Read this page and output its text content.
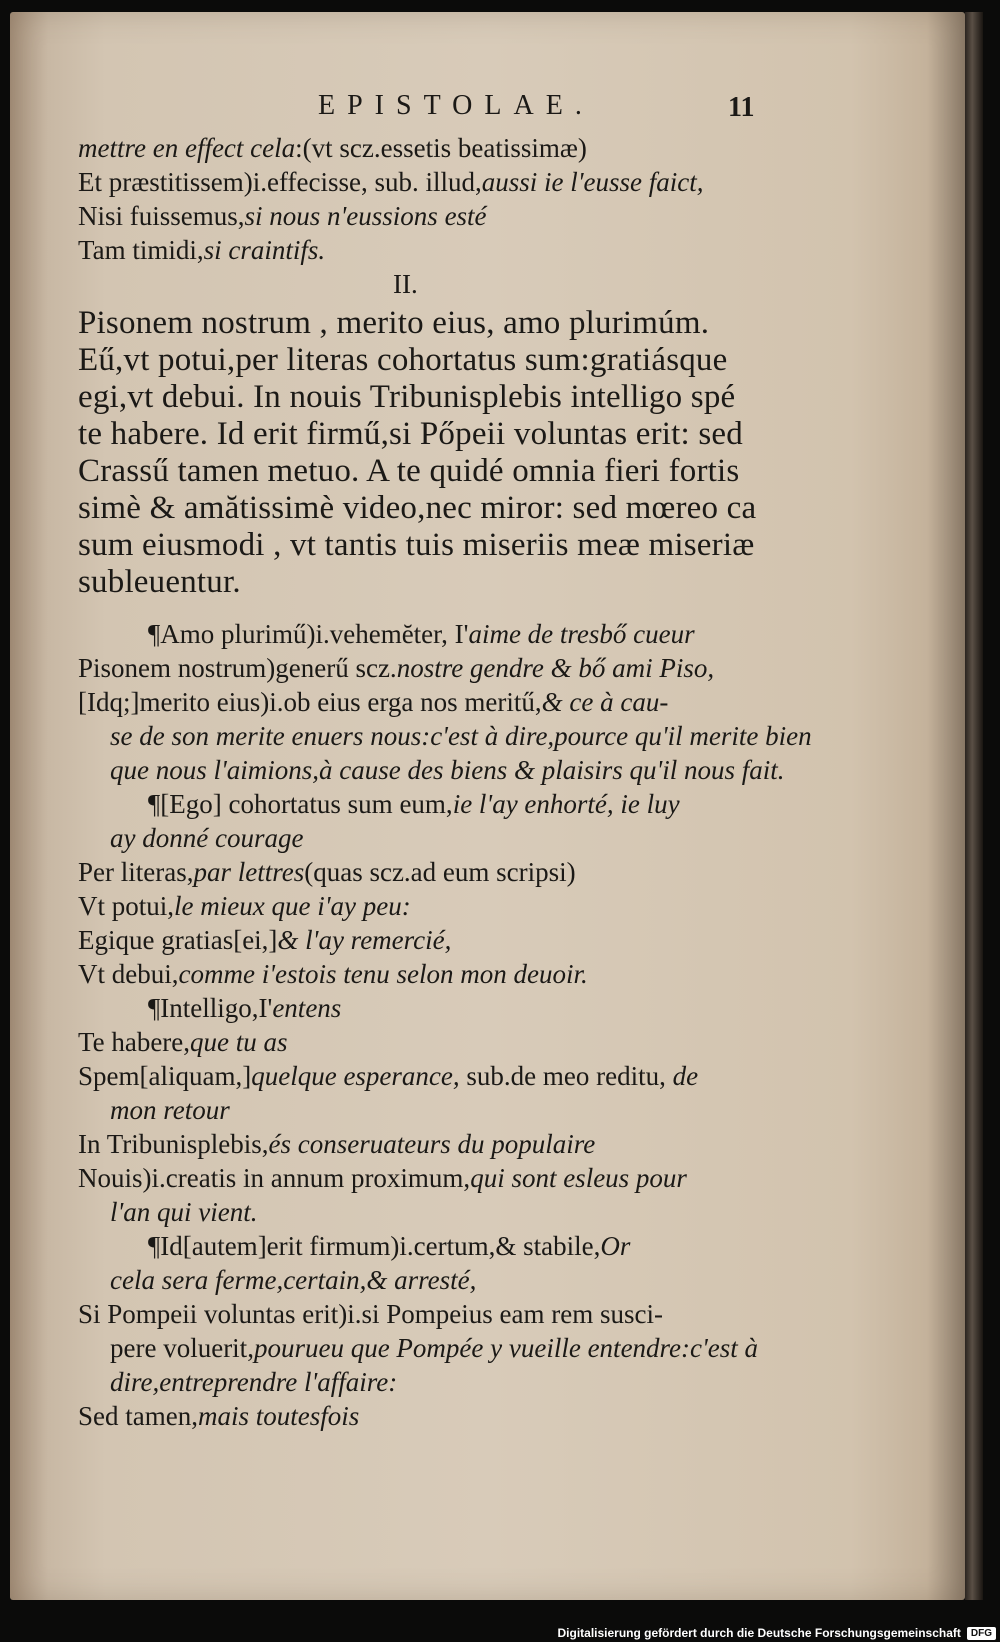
EPISTOLAE.	11
mettre en effect cela:(vt scz.essetis beatissimæ)
Et præstitissem)i.effecisse, sub. illud,aussi ie l'eusse faict,
Nisi fuissemus,si nous n'eussions esté
Tam timidi,si craintifs.
II.
Pisonem nostrum , merito eius, amo plurimúm.
Eű,vt potui,per literas cohortatus sum:gratiásque
egi,vt debui. In nouis Tribunisplebis intelligo spé
te habere. Id erit firmű,si Pőpeii voluntas erit: sed
Crassű tamen metuo. A te quidé omnia fieri fortis
simè & amătissimè video,nec miror: sed mœreo ca
sum eiusmodi , vt tantis tuis miseriis meæ miseriæ
subleuentur.
¶Amo plurimű)i.vehemĕter, I'aime de tresbő cueur
Pisonem nostrum)generű scz.nostre gendre & bő ami Piso,
[Idq;]merito eius)i.ob eius erga nos meritű,& ce à cau-
se de son merite enuers nous:c'est à dire,pource qu'il merite bien
que nous l'aimions,à cause des biens & plaisirs qu'il nous fait.
¶[Ego] cohortatus sum eum,ie l'ay enhorté, ie luy
ay donné courage
Per literas,par lettres(quas scz.ad eum scripsi)
Vt potui,le mieux que i'ay peu:
Egique gratias[ei,]& l'ay remercié,
Vt debui,comme i'estois tenu selon mon deuoir.
¶Intelligo,I'entens
Te habere,que tu as
Spem[aliquam,]quelque esperance, sub.de meo reditu, de
mon retour
In Tribunisplebis,és conseruateurs du populaire
Nouis)i.creatis in annum proximum,qui sont esleus pour
l'an qui vient.
¶Id[autem]erit firmum)i.certum,& stabile,Or
cela sera ferme,certain,& arresté,
Si Pompeii voluntas erit)i.si Pompeius eam rem susci-
pere voluerit,pourueu que Pompée y vueille entendre:c'est à
dire,entreprendre l'affaire:
Sed tamen,mais toutesfois
Digitalisierung gefördert durch die Deutsche Forschungsgemeinschaft	DFG
